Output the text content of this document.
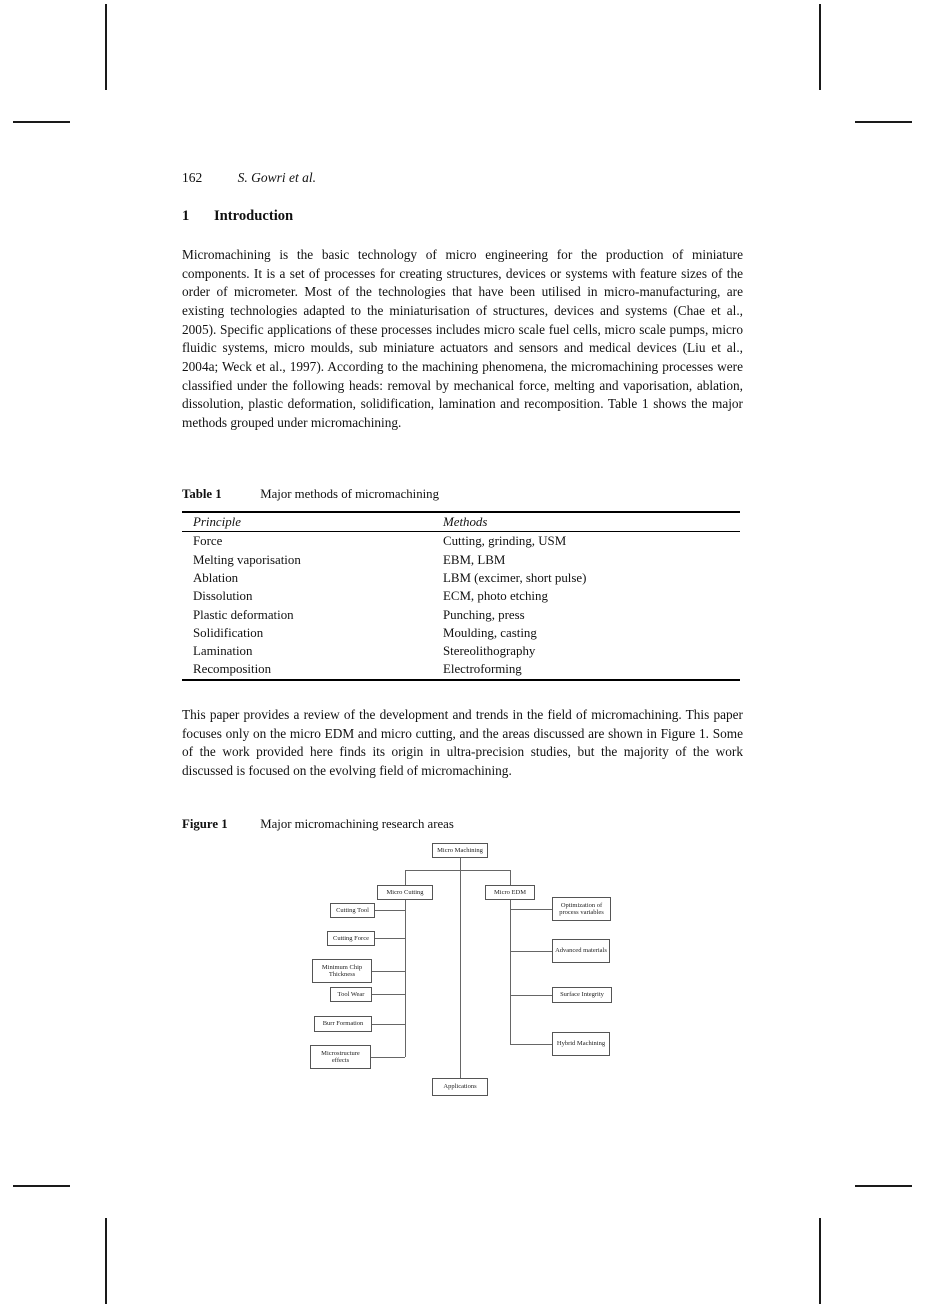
162	S. Gowri et al.
1 Introduction
Micromachining is the basic technology of micro engineering for the production of miniature components. It is a set of processes for creating structures, devices or systems with feature sizes of the order of micrometer. Most of the technologies that have been utilised in micro-manufacturing, are existing technologies adapted to the miniaturisation of structures, devices and systems (Chae et al., 2005). Specific applications of these processes includes micro scale fuel cells, micro scale pumps, micro fluidic systems, micro moulds, sub miniature actuators and sensors and medical devices (Liu et al., 2004a; Weck et al., 1997). According to the machining phenomena, the micromachining processes were classified under the following heads: removal by mechanical force, melting and vaporisation, ablation, dissolution, plastic deformation, solidification, lamination and recomposition. Table 1 shows the major methods grouped under micromachining.
Table 1	Major methods of micromachining
Principle	Methods
Force	Cutting, grinding, USM
Melting vaporisation	EBM, LBM
Ablation	LBM (excimer, short pulse)
Dissolution	ECM, photo etching
Plastic deformation	Punching, press
Solidification	Moulding, casting
Lamination	Stereolithography
Recomposition	Electroforming
This paper provides a review of the development and trends in the field of micromachining. This paper focuses only on the micro EDM and micro cutting, and the areas discussed are shown in Figure 1. Some of the work provided here finds its origin in ultra-precision studies, but the majority of the work discussed is focused on the evolving field of micromachining.
Figure 1	Major micromachining research areas
Micro Machining
Micro Cutting	Micro EDM
Cutting Tool
Cutting Force
Minimum Chip Thickness
Tool Wear
Burr Formation
Microstructure effects
Optimization of process variables
Advanced materials
Surface Integrity
Hybrid Machining
Applications
